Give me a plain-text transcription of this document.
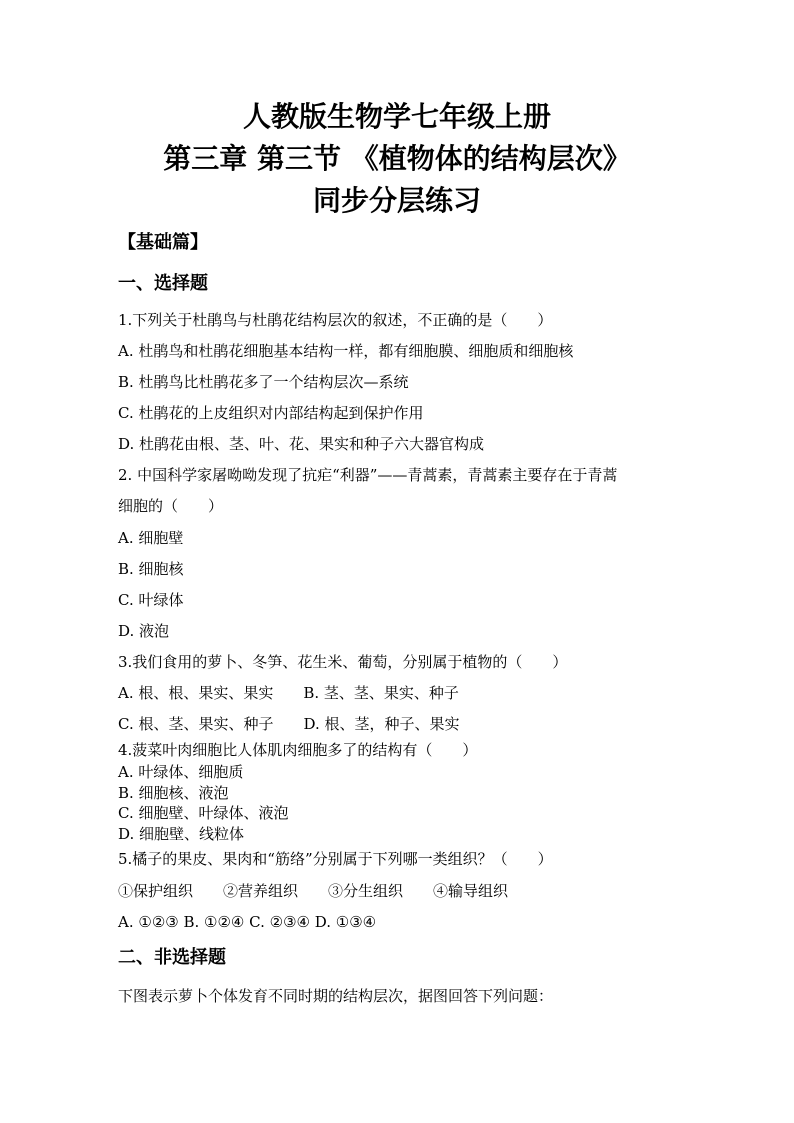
人教版生物学七年级上册
第三章 第三节 《植物体的结构层次》
同步分层练习
【基础篇】
一、选择题
1.下列关于杜鹃鸟与杜鹃花结构层次的叙述，不正确的是（　　）
A. 杜鹃鸟和杜鹃花细胞基本结构一样，都有细胞膜、细胞质和细胞核
B. 杜鹃鸟比杜鹃花多了一个结构层次—系统
C. 杜鹃花的上皮组织对内部结构起到保护作用
D. 杜鹃花由根、茎、叶、花、果实和种子六大器官构成
2. 中国科学家屠呦呦发现了抗疟“利器”——青蒿素，青蒿素主要存在于青蒿
细胞的（　　）
A. 细胞壁
B. 细胞核
C. 叶绿体
D. 液泡
3.我们食用的萝卜、冬笋、花生米、葡萄，分别属于植物的（　　）
A. 根、根、果实、果实　　B. 茎、茎、果实、种子
C. 根、茎、果实、种子　　D. 根、茎，种子、果实
4.菠菜叶肉细胞比人体肌肉细胞多了的结构有（　　）
A. 叶绿体、细胞质
B. 细胞核、液泡
C. 细胞壁、叶绿体、液泡
D. 细胞壁、线粒体
5.橘子的果皮、果肉和“筋络”分别属于下列哪一类组织？（　　）
①保护组织　　②营养组织　　③分生组织　　④输导组织
A. ①②③ B. ①②④ C. ②③④ D. ①③④
二、非选择题
下图表示萝卜个体发育不同时期的结构层次，据图回答下列问题：
